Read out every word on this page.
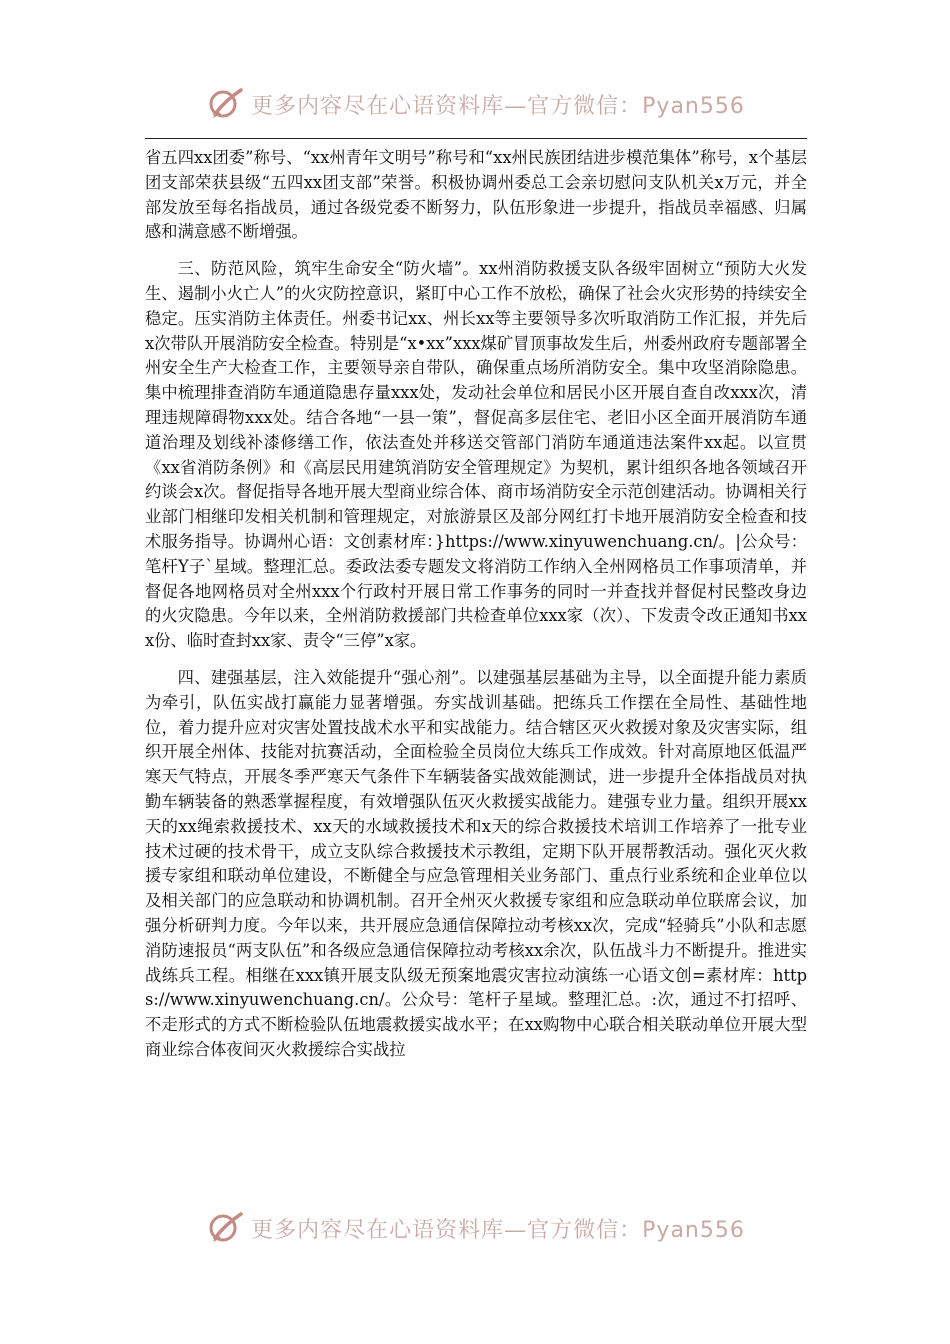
更多内容尽在心语资料库—官方微信：Pyan556

省五四xx团委”称号、“xx州青年文明号”称号和“xx州民族团结进步模范集体”称号，x个基层团支部荣获县级“五四xx团支部”荣誉。积极协调州委总工会亲切慰问支队机关x万元，并全部发放至每名指战员，通过各级党委不断努力，队伍形象进一步提升，指战员幸福感、归属感和满意感不断增强。

三、防范风险，筑牢生命安全“防火墙”。xx州消防救援支队各级牢固树立“预防大火发生、遏制小火亡人”的火灾防控意识，紧盯中心工作不放松，确保了社会火灾形势的持续安全稳定。压实消防主体责任。州委书记xx、州长xx等主要领导多次听取消防工作汇报，并先后x次带队开展消防安全检查。特别是“x•xx”xxx煤矿冒顶事故发生后，州委州政府专题部署全州安全生产大检查工作，主要领导亲自带队，确保重点场所消防安全。集中攻坚消除隐患。集中梳理排查消防车通道隐患存量xxx处，发动社会单位和居民小区开展自查自改xxx次，清理违规障碍物xxx处。结合各地“一县一策”，督促高多层住宅、老旧小区全面开展消防车通道治理及划线补漆修缮工作，依法查处并移送交管部门消防车通道违法案件xx起。以宣贯《xx省消防条例》和《高层民用建筑消防安全管理规定》为契机，累计组织各地各领域召开约谈会x次。督促指导各地开展大型商业综合体、商市场消防安全示范创建活动。协调相关行业部门相继印发相关机制和管理规定，对旅游景区及部分网红打卡地开展消防安全检查和技术服务指导。协调州心语：文创素材库：}https://www.xinyuwenchuang.cn/。|公众号：笔杆Y子`星域。整理汇总。委政法委专题发文将消防工作纳入全州网格员工作事项清单，并督促各地网格员对全州xxx个行政村开展日常工作事务的同时一并查找并督促村民整改身边的火灾隐患。今年以来，全州消防救援部门共检查单位xxx家（次）、下发责令改正通知书xxx份、临时查封xx家、责令“三停”x家。

四、建强基层，注入效能提升“强心剂”。以建强基层基础为主导，以全面提升能力素质为牵引，队伍实战打赢能力显著增强。夯实战训基础。把练兵工作摆在全局性、基础性地位，着力提升应对灾害处置技战术水平和实战能力。结合辖区灭火救援对象及灾害实际，组织开展全州体、技能对抗赛活动，全面检验全员岗位大练兵工作成效。针对高原地区低温严寒天气特点，开展冬季严寒天气条件下车辆装备实战效能测试，进一步提升全体指战员对执勤车辆装备的熟悉掌握程度，有效增强队伍灭火救援实战能力。建强专业力量。组织开展xx天的xx绳索救援技术、xx天的水域救援技术和x天的综合救援技术培训工作培养了一批专业技术过硬的技术骨干，成立支队综合救援技术示教组，定期下队开展帮教活动。强化灭火救援专家组和联动单位建设，不断健全与应急管理相关业务部门、重点行业系统和企业单位以及相关部门的应急联动和协调机制。召开全州灭火救援专家组和应急联动单位联席会议，加强分析研判力度。今年以来，共开展应急通信保障拉动考核xx次，完成“轻骑兵”小队和志愿消防速报员“两支队伍”和各级应急通信保障拉动考核xx余次，队伍战斗力不断提升。推进实战练兵工程。相继在xxx镇开展支队级无预案地震灾害拉动演练一心语文创=素材库：https://www.xinyuwenchuang.cn/。公众号：笔杆子星域。整理汇总。:次，通过不打招呼、不走形式的方式不断检验队伍地震救援实战水平；在xx购物中心联合相关联动单位开展大型商业综合体夜间灭火救援综合实战拉

更多内容尽在心语资料库—官方微信：Pyan556
